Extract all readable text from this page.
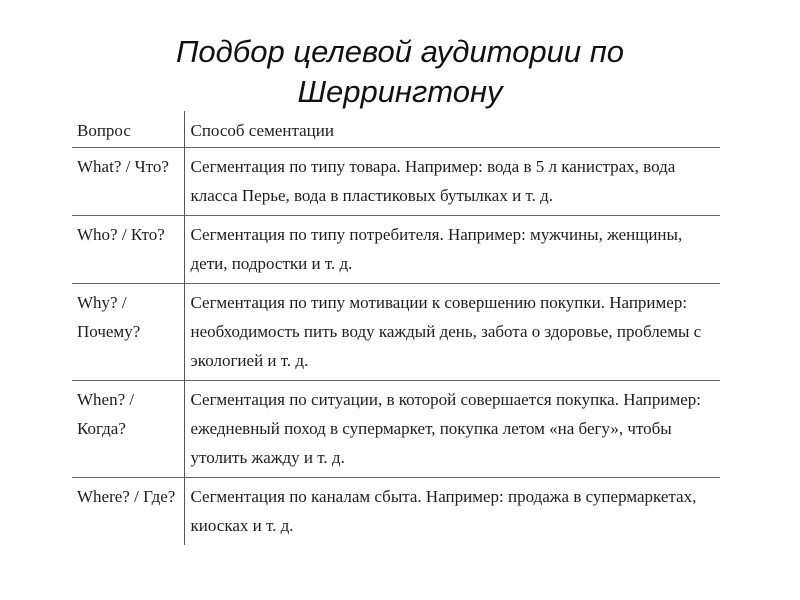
Подбор целевой аудитории по
Шеррингтону
Вопрос	Способ сементации
What? / Что?	Сегментация по типу товара. Например: вода в 5 л канистрах, вода класса Перье, вода в пластиковых бутылках и т. д.
Who? / Кто?	Сегментация по типу потребителя. Например: мужчины, женщины, дети, подростки и т. д.
Why? / Почему?	Сегментация по типу мотивации к совершению покупки. Например: необходимость пить воду каждый день, забота о здоровье, проблемы с экологией и т. д.
When? / Когда?	Сегментация по ситуации, в которой совершается покупка. Например: ежедневный поход в супермаркет, покупка летом «на бегу», чтобы утолить жажду и т. д.
Where? / Где?	Сегментация по каналам сбыта. Например: продажа в супермаркетах, киосках и т. д.
